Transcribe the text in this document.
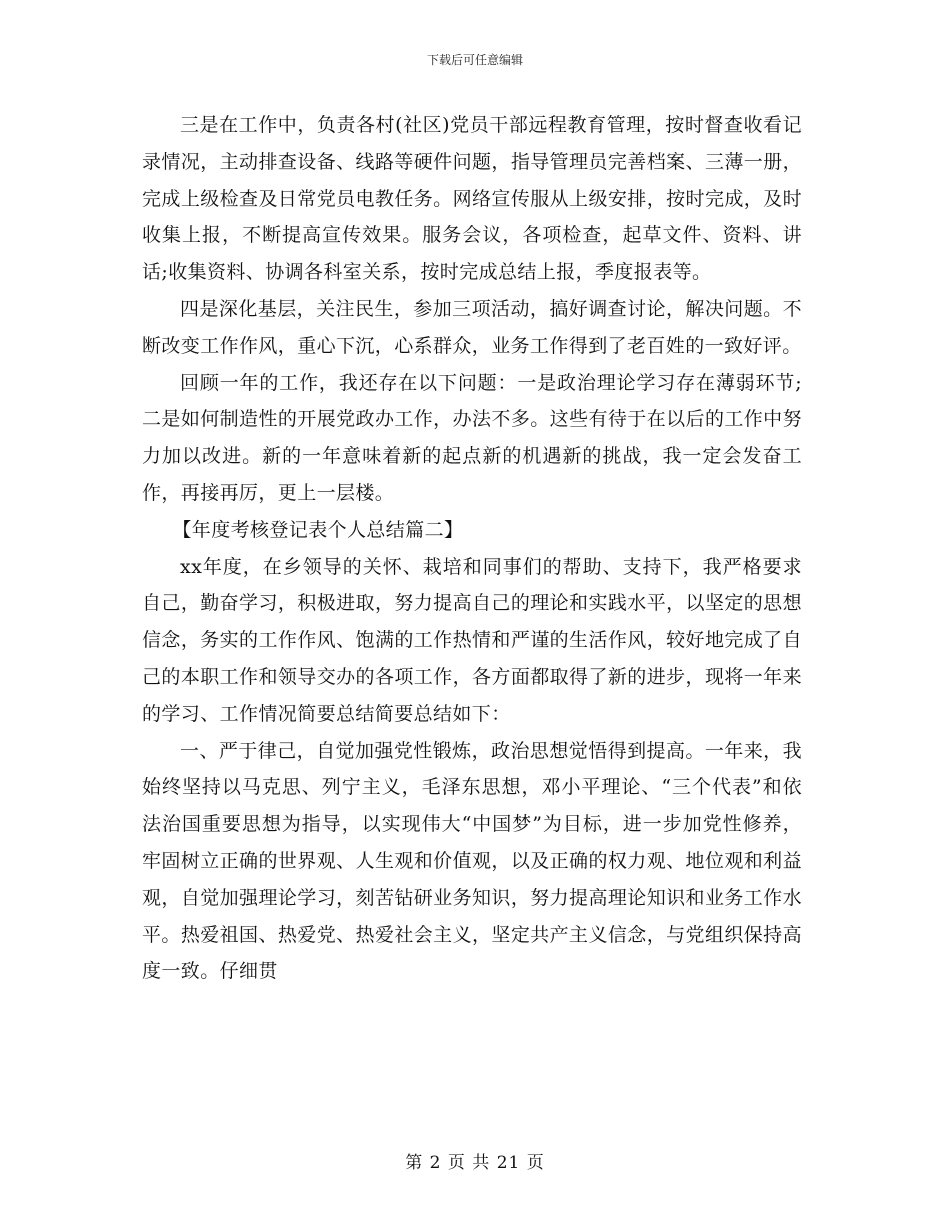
下载后可任意编辑

三是在工作中，负责各村(社区)党员干部远程教育管理，按时督查收看记录情况，主动排查设备、线路等硬件问题，指导管理员完善档案、三薄一册，完成上级检查及日常党员电教任务。网络宣传服从上级安排，按时完成，及时收集上报，不断提高宣传效果。服务会议，各项检查，起草文件、资料、讲话;收集资料、协调各科室关系，按时完成总结上报，季度报表等。

四是深化基层，关注民生，参加三项活动，搞好调查讨论，解决问题。不断改变工作作风，重心下沉，心系群众，业务工作得到了老百姓的一致好评。

回顾一年的工作，我还存在以下问题：一是政治理论学习存在薄弱环节;二是如何制造性的开展党政办工作，办法不多。这些有待于在以后的工作中努力加以改进。新的一年意味着新的起点新的机遇新的挑战，我一定会发奋工作，再接再厉，更上一层楼。

【年度考核登记表个人总结篇二】

xx年度，在乡领导的关怀、栽培和同事们的帮助、支持下，我严格要求自己，勤奋学习，积极进取，努力提高自己的理论和实践水平，以坚定的思想信念，务实的工作作风、饱满的工作热情和严谨的生活作风，较好地完成了自己的本职工作和领导交办的各项工作，各方面都取得了新的进步，现将一年来的学习、工作情况简要总结简要总结如下：

一、严于律己，自觉加强党性锻炼，政治思想觉悟得到提高。一年来，我始终坚持以马克思、列宁主义，毛泽东思想，邓小平理论、“三个代表”和依法治国重要思想为指导，以实现伟大“中国梦”为目标，进一步加党性修养，牢固树立正确的世界观、人生观和价值观，以及正确的权力观、地位观和利益观，自觉加强理论学习，刻苦钻研业务知识，努力提高理论知识和业务工作水平。热爱祖国、热爱党、热爱社会主义，坚定共产主义信念，与党组织保持高度一致。仔细贯

第 2 页 共 21 页
